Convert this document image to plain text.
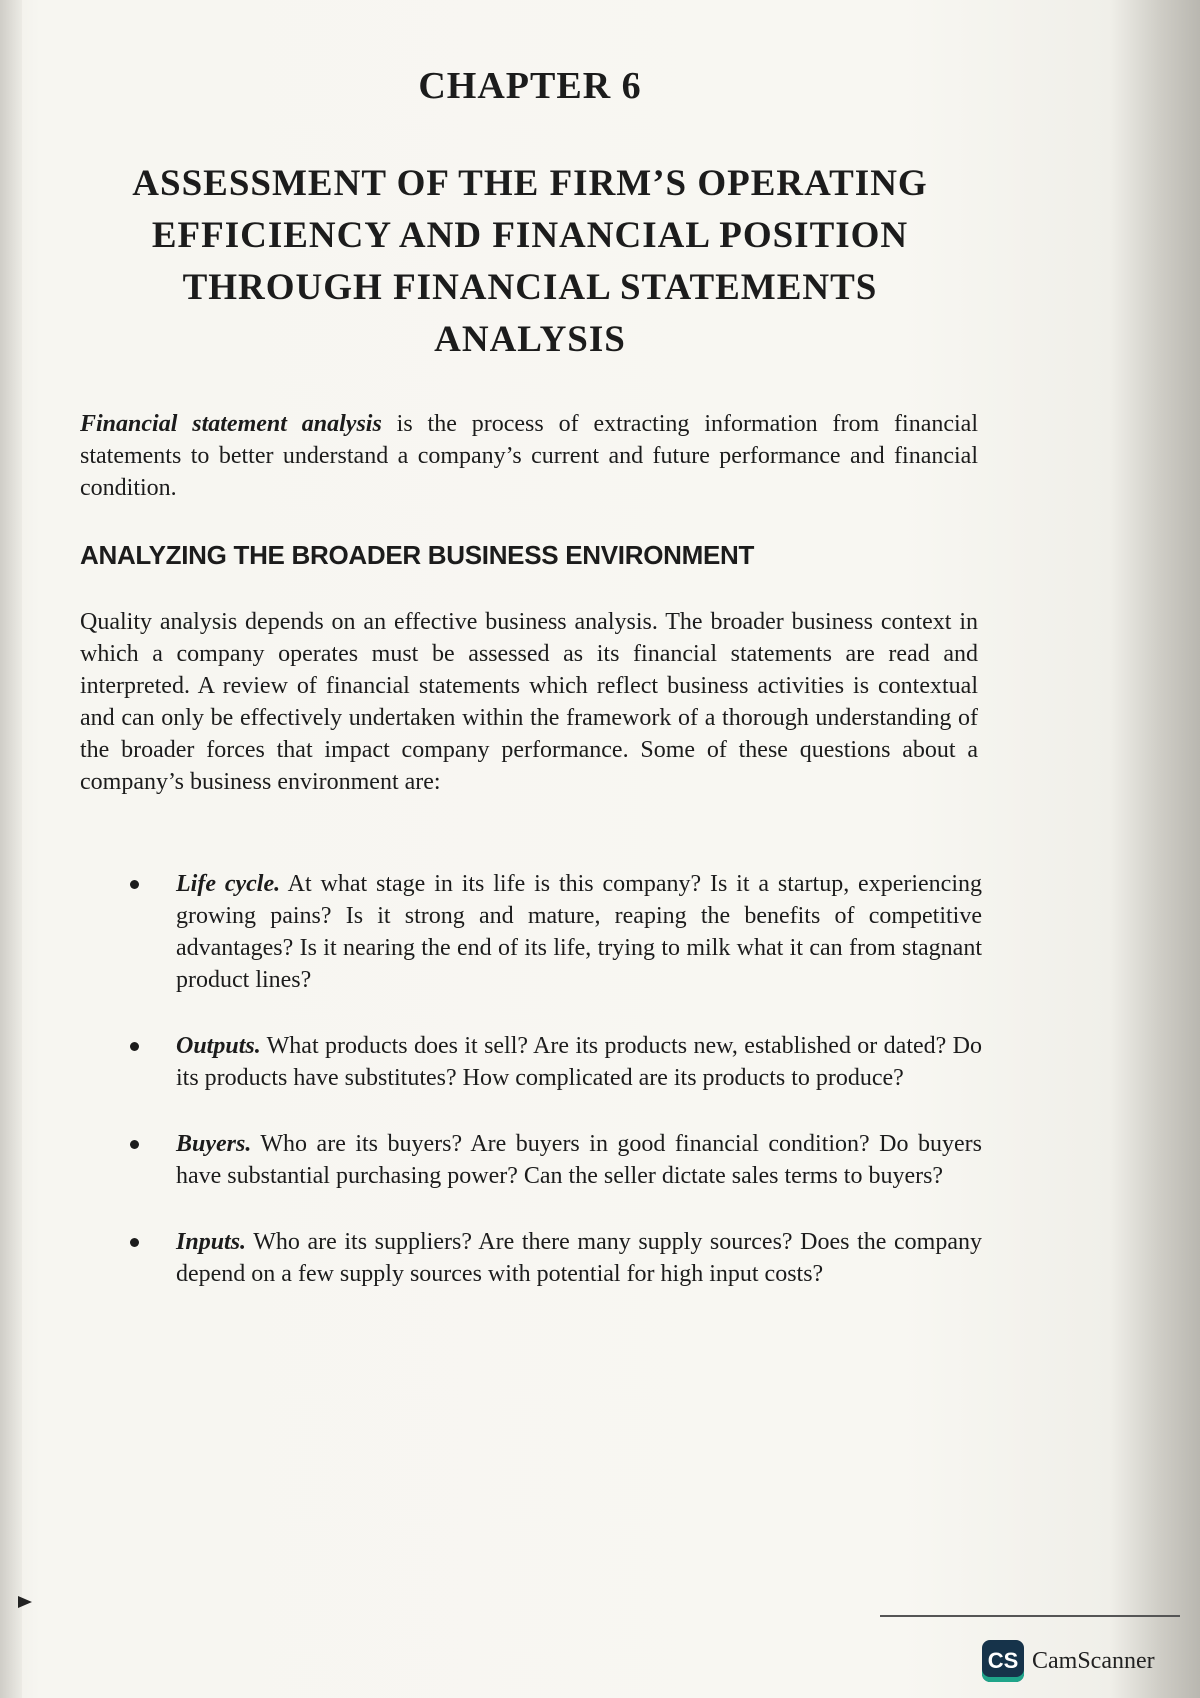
CHAPTER 6
ASSESSMENT OF THE FIRM’S OPERATING
EFFICIENCY AND FINANCIAL POSITION
THROUGH FINANCIAL STATEMENTS
ANALYSIS

Financial statement analysis is the process of extracting information from financial statements to better understand a company’s current and future performance and financial condition.

ANALYZING THE BROADER BUSINESS ENVIRONMENT

Quality analysis depends on an effective business analysis. The broader business context in which a company operates must be assessed as its financial statements are read and interpreted. A review of financial statements which reflect business activities is contextual and can only be effectively undertaken within the framework of a thorough understanding of the broader forces that impact company performance. Some of these questions about a company’s business environment are:

Life cycle. At what stage in its life is this company? Is it a startup, experiencing growing pains? Is it strong and mature, reaping the benefits of competitive advantages? Is it nearing the end of its life, trying to milk what it can from stagnant product lines?
Outputs. What products does it sell? Are its products new, established or dated? Do its products have substitutes? How complicated are its products to produce?
Buyers. Who are its buyers? Are buyers in good financial condition? Do buyers have substantial purchasing power? Can the seller dictate sales terms to buyers?
Inputs. Who are its suppliers? Are there many supply sources? Does the company depend on a few supply sources with potential for high input costs?
CS CamScanner
